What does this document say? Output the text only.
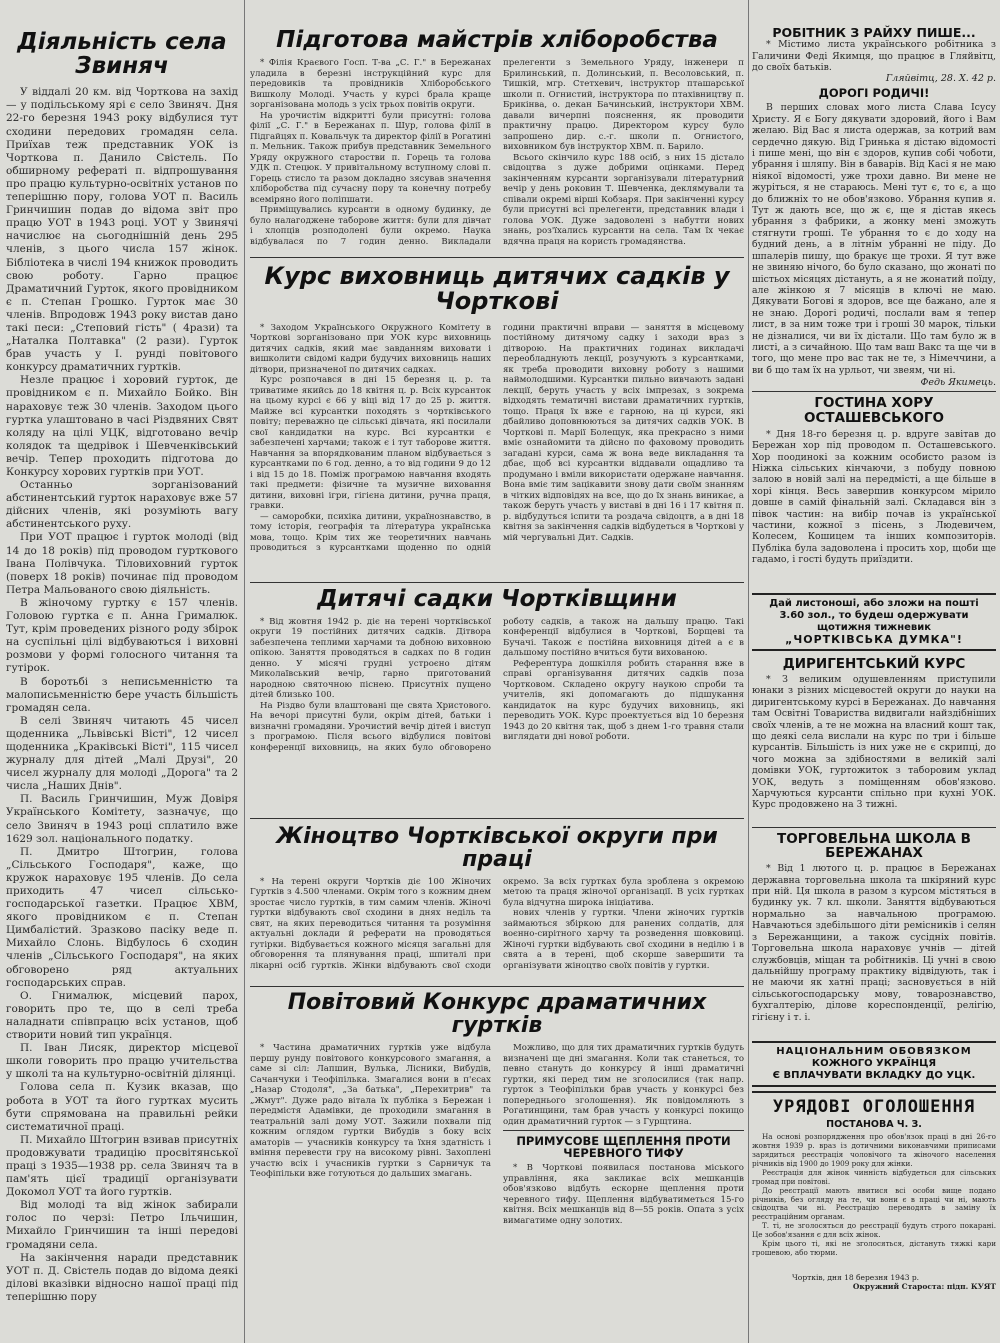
Діяльність села Звиняч

У віддалі 20 км. від Чорткова на захід — у подільському ярі є село Звиняч. Дня 22-го березня 1943 року відбулися тут сходини передових громадян села. Приїхав теж представник УОК із Чорткова п. Данило Свістель. По обширному рефераті п. відпрошування про працю культурно-освітніх установ по теперішню пору, голова УОТ п. Василь Гринчишин подав до відома звіт про працю УОТ в 1943 році. УОТ у Звинячі начислює на сьогоднішній день 295 членів, з цього числа 157 жінок. Бібліотека в числі 194 книжок проводить свою роботу. Гарно працює Драматичний Гурток, якого провідником є п. Степан Грошко. Гурток має 30 членів. Впродовж 1943 року вистав дано такі песи: „Степовий гість" ( 4рази) та „Наталка Полтавка" (2 рази). Гурток брав участь у І. рунді повітового конкурсу драматичних гуртків.

Незле працює і хоровий гурток, де провідником є п. Михайло Бойко. Він нараховує теж 30 членів. Заходом цього гуртка улаштовано в часі Різдвяних Свят коляду на цілі УЦК, відготовано вечір колядок та щедрівок і Шевченківський вечір. Тепер проходить підготова до Конкурсу хорових гуртків при УОТ.

Останньо зорганізований абстинентський гурток нараховує вже 57 дійсних членів, які розуміють вагу абстинентського руху.

При УОТ працює і гурток молоді (від 14 до 18 років) під проводом гурткового Івана Полівчука. Тіловиховний гурток (поверх 18 років) починає під проводом Петра Мальованого свою діяльність.

В жіночому гуртку є 157 членів. Головою гуртка є п. Анна Грималюк. Тут, крім проведених різного роду збірок на суспільні цілі відбуваються і виховні розмови у формі голосного читання та гутірок.

В боротьбі з неписьменністю та малописьменністю бере участь більшість громадян села.

В селі Звиняч читають 45 чисел щоденника „Львівські Вісті", 12 чисел щоденника „Краківські Вісті", 115 чисел журналу для дітей „Малі Друзі", 20 чисел журналу для молоді „Дорога" та 2 числа „Наших Днів".

П. Василь Гринчишин, Муж Довіря Українського Комітету, зазначує, що село Звиняч в 1943 році сплатило вже 1629 зол. національного податку.

П. Дмитро Штогрин, голова „Сільського Господаря", каже, що кружок нараховує 195 членів. До села приходить 47 чисел сільсько-господарської газетки. Працює ХВМ, якого провідником є п. Степан Цимбалістий. Зразково пасіку веде п. Михайло Слонь. Відбулось 6 сходин членів „Сільського Господаря", на яких обговорено ряд актуальних господарських справ.

О. Гнималюк, місцевий парох, говорить про те, що в селі треба наладнати співпрацю всіх установ, щоб створити новий тип українця.

П. Іван Лисяк, директор місцевої школи говорить про працю учительства у школі та на культурно-освітній ділянці.

Голова села п. Кузик вказав, що робота в УОТ та його гуртках мусить бути спрямована на правильні рейки систематичної праці.

П. Михайло Штогрин взивав присутніх продовжувати традицію просвітянської праці з 1935—1938 рр. села Звиняч та в пам'ять цієї традиції організувати Докомол УОТ та його гуртків.

Від молоді та від жінок забирали голос по черзі: Петро Ільчишин, Михайло Гринчишин та інші передові громадяни села.

На закінчення наради представник УОТ п. Д. Свістель подав до відома деякі ділові вказівки відносно нашої праці під теперішню пору

Підготова майстрів хліборобства

* Філія Краєвого Госп. Т-ва „С. Г." в Бережанах уладила в березні інструкційний курс для передовиків та провідників Хліборобського Вишколу Молоді. Участь у курсі брала краще зорганізована молодь з усіх трьох повітів округи.

На урочистім відкритті були присутні: голова філії „С. Г." в Бережанах п. Шур, голова філії в Підгайцях п. Ковальчук та директор філії в Рогатині п. Мельник. Також прибув представник Земельного Уряду окружного старостви п. Горець та голова УДК п. Стецюк. У привітальному вступному слові п. Горець стисло та разом докладно зясував значення хліборобства під сучасну пору та конечну потребу всеміряно його поліпшати.

Приміщувались курсанти в одному будинку, де було налагоджене таборове життя: були для дівчат і хлопців розподолені були окремо. Наука відбувалася по 7 годин денно. Викладали прелегенти з Земельного Уряду, інженери п Брилинський, п. Долинський, п. Весоловський, п. Тишкій, мгр. Стетхевич, інструктор пташарської школи п. Огнистий, інструктора по птахівництву п. Брикінва, о. декан Бачинський, інструктори ХВМ. давали вичерпні пояснення, як проводити практичну працю. Директором курсу було запрошено дир. с.-г. школи п. Огнистого, виховником був інструктор ХВМ. п. Барило.

Всього скінчило курс 188 осіб, з них 15 дістало свідоцтва з дуже добрими оцінками. Перед закінченням курсанти зорганізували літературний вечір у день роковин Т. Шевченка, деклямували та співали окремі вірші Кобзаря. При закінченні курсу були присутні всі прелегенти, представник влади і голова УОК. Дуже задоволені з набутти нових знань, роз'їхались курсанти на села. Там їх чекає вдячна праця на користь громадянства.

Курс виховниць дитячих садків у Чорткові

* Заходом Українського Окружного Комітету в Чорткові зорганізовано при УОК курс виховниць дитячих садків, який має завданням виховати і вишколити свідомі кадри будучих виховниць наших дітвори, призначеної по дитячих садках.

Курс розпочався в дні 15 березня ц. р. та триватиме якийсь до 18 квітня ц. р. Всіх курсанток на цьому курсі є 66 у віці від 17 до 25 р. життя. Майже всі курсантки походять з чортківського повіту; переважно це сільські дівчата, які посилали свої кандидатки на курс. Всі курсантки є забезпечені харчами; також є і тут таборове життя. Навчання за впорядкованим планом відбувається з курсантками по 6 год. денно, а то від години 9 до 12 і від 15 до 18. Поміж програмою навчання входять такі предмети: фізичне та музичне виховання дитини, виховні ігри, гігієна дитини, ручна праця, гравки.

— саморобки, психіка дитини, українознавство, в тому історія, географія та література українська мова, тощо. Крім тих же теоретичних навчань проводиться з курсантками щоденно по одній години практичні вправи — заняття в місцевому постійному дитячому садку і заходи враз з дітворою. На практичних годинах викладачі переобладнують лекції, розучують з курсантками, як треба проводити виховну роботу з нашими наймолодшими. Курсантки пильно вивчають задані лекції, беруть участь у всіх імпрезах, з зокрема відходять тематичні вистави драматичних гуртків, тощо. Праця їх вже є гарною, на ці курси, які дбайливо доповнюються за дитячих садків УОК. В Чорткові п. Марії Болещук, яка прекрасно з ними вміє ознайомити та дійсно по фаховому проводить загадані курси, сама ж вона веде викладання та дбає, щоб всі курсантки віддавали ощадливо та продумано і вміли використати одержане навчання. Вона вміє тим зацікавити знову дати своїм знанням в чітких відповідях на все, що до їх знань виникає, а також беруть участь у виставі в дні 16 і 17 квітня п. р. відбудуться іспити та роздача свідоцтв, а в дні 18 квітня за закінчення садків відбудеться в Чорткові у мій чергувальні Дит. Садків.

Дитячі садки Чортківщини

* Від жовтня 1942 р. діє на терені чортківської округи 19 постійних дитячих садків. Дітвора забезпечена теплими харчами та добною виховною опікою. Заняття проводяться в садках по 8 годин денно. У місячі грудні устроєно дітям Миколаївський вечір, гарно приготований народною святочною піснею. Присутніх пущено дітей близько 100.

На Різдво були влаштовані ще свята Христового. На вечорі присутні були, окрім дітей, батьки і визначні громадяни. Урочистий вечір дітей і виступ з програмою. Після всього відбулися повітові конференції виховниць, на яких було обговорено роботу садків, а також на дальшу працю. Такі конференції відбулися в Чорткові, Борщеві та Бучачі. Також є постійна виховниця дітей а є в дальшому постійно вчиться бути вихованою.

Референтура дошкілля робить старання вже в справі організування дитячих садків поза Чортковом. Складено округу наукою спроби та учителів, які допомагають до підшукання кандидаток на курс будучих виховниць, які переводить УОК. Курс проектується від 10 березня 1943 до 20 квітня так, щоб з днем 1-го травня стали виглядати дні нової роботи.

Жіноцтво Чортківської округи при праці

* На терені округи Чортків діє 100 Жіночих Гуртків з 4.500 членами. Окрім того з кожним днем зростає число гуртків, в тим самим членів. Жіночі гуртки відбувають свої сходини в днях неділь та свят, на яких переводиться читання та розуміння актуальні доклади й реферати на проводяться гутірки. Відбувається кожного місяця загальні для обговорення та плянування праці, шпиталі при лікарні осіб гуртків. Жінки відбувають свої сходи окремо. За всіх гуртках була зроблена з окремою метою та праця жіночої організації. В усіх гуртках була відчутна широка ініціатива.

нових членів у гуртки. Члени жіночих гуртків займаються збіркою для ранених солдатів, для воєнно-сирітного харчу та розведення шовковиці. Жіночі гуртки відбувають свої сходини в неділю і в свята а в терені, щоб скорше завершити та організувати жіноцтво своїх повітів у гуртки.

Повітовий Конкурс драматичних гуртків

* Частина драматичних гуртків уже відбула першу рунду повітового конкурсового змагання, а саме зі сіл: Лапшин, Вулька, Лісники, Вибудів, Сачанчуки і Теофіпілька. Змагалися вони в п'єсах „Назар Стодоля", „За батька", „Перехитрив" та „Жмут". Дуже радо вітала їх публіка з Бережан і передмістя Адамівки, де проходили змагання в театральній залі дому УОТ. Зажили похвали під кожним оглядом гуртки Вибудів з боку всіх аматорів — учасників конкурсу та їхня здатність і вміння перевести гру на високому рівні. Захоплені участю всіх і учасників гуртки з Сарничук та Теофіпільки вже готуються до дальших змагань.

Можливо, що для тих драматичних гуртків будуть визначені ще дні змагання. Коли так станеться, то певно стануть до конкурсу й інші драматичні гуртки, які перед тим не зголосилися (так напр. гурток з Теофіпільки брав участь у конкурсі без попереднього зголошення). Як повідомляють з Рогатинщини, там брав участь у конкурсі покищо один драматичний гурток — з Гурщтина.

ПРИМУСОВЕ ЩЕПЛЕННЯ ПРОТИ ЧЕРЕВНОГО ТИФУ

* В Чорткові появилася постанова міського управління, яка закликає всіх мешканців обов'язково відбуть ескорне щеплення проти черевного тифу. Щеплення відбуватиметься 15-го квітня. Всіх мешканців від 8—55 років. Опата з усіх вимагатиме одну золотих.

РОБІТНИК З РАЙХУ ПИШЕ...

* Містимо листа українського робітника з Галичини Феді Якимця, що працює в Гляйвітц, до своїх батьків.

Гляйвітц, 28. X. 42 р.

ДОРОГІ РОДИЧІ!

В перших словах мого листа Слава Ісусу Христу. Я є Богу дякувати здоровий, його і Вам желаю. Від Вас я листа одержав, за котрий вам сердечно дякую. Від Гринька я дістаю відомості і пише мені, що він є здоров, купив собі чоботи, убрання і шляпу. Він в баварів. Від Касі я не маю ніякої відомості, уже трохи давно. Ви мене не журіться, я не стараюсь. Мені тут є, то є, а що до ближніх то не обов'язково. Убрання купив я. Тут ж дають все, що ж є, ще я дістав якесь убрання з фабрики, а жонку мені зможуть стягнути гроші. Те убрання то є до ходу на будний день, а в літнім убранні не піду. До шпалерів пишу, що бракує ще трохи. Я тут вже не звиняю нічого, бо було сказано, що жонаті по шістьох місяцях дістануть, а я не жонатий поїду, але жінкою я 7 місяців в ключі не маю. Дякувати Богові я здоров, все ще бажано, але я не знаю. Дорогі родичі, послали вам я тепер лист, в за ним тоже три і гроші 30 марок, тільки не дізналися, чи ви їх дістали. Що там було ж в листі, а з сичайною. Що там ваш Вакс та ще чи в того, що мене про вас так не те, з Німеччини, а ви б що там їх на урльот, чи звеям, чи ні.

Федь Якимець.

ГОСТИНА ХОРУ ОСТАШЕВСЬКОГО

* Дня 18-го березня ц. р. вдруге завітав до Бережан хор під проводом п. Осташевського. Хор поодинокі за кожним особисто разом із Ніжка сільських кінчаючи, з побуду повною залою в новій залі на передмісті, а ще більше в хорі кінця. Весь завершив конкурсом мірило довше в самій фінальній залі. Складався він з півок частин: на вибір почав із української частини, кожної з пісень, з Людевичем, Колесем, Кошицем та інших композиторів. Публіка була задоволена і просить хор, щоби ще гадамо, і гості будуть приїздити.

Дай листоноші, або зложи на пошті
3.60 зол., то будеш одержувати щотижня тижневик
„ЧОРТКІВСЬКА ДУМКА"!
ДИРИГЕНТСЬКИЙ КУРС

* З великим одушевленням приступили юнаки з різних місцевостей округи до науки на диригентському курсі в Бережанах. До навчання там Освітні Товариства видвигали найздібніших своїх членів, а те не можна на власний кошт так, що деякі села вислали на курс по три і більше курсантів. Більшість із них уже не є скрипці, до чого можна за здібностями в великій залі домівки УОК, гуртожиток з таборовим уклад УОК, ведуть з поміщенням обов'язково. Харчуються курсанти спільно при кухні УОК. Курс продовжено на 3 тижні.

ТОРГОВЕЛЬНА ШКОЛА В БЕРЕЖАНАХ

* Від 1 лютого ц. р. працює в Бережанах державна торговельна школа та шкіряний курс при ній. Ця школа в разом з курсом містяться в будинку ук. 7 кл. школи. Заняття відбуваються нормально за навчальною програмою. Навчаються здебільшого діти ремісників і селян з Бережанщини, а також сусідніх повітів. Торговельна школа нараховує учнів — дітей службовців, міщан та робітників. Ці учні в свою дальнійшу програму практику відвідують, так і не маючи як хатні праці; засновується в ній сільськогосподарську мову, товарознавство, бухгалтерію, ділове кореспонденції, релігію, гігієну і т. і.

НАЦІОНАЛЬНИМ ОБОВЯЗКОМ
КОЖНОГО УКРАЇНЦЯ
Є ВПЛАЧУВАТИ ВКЛАДКУ ДО УЦК.
УРЯДОВІ ОГОЛОШЕННЯ
ПОСТАНОВА Ч. З.

На основі розпорядження про обов'язок праці в дні 26-го жовтня 1939 р. враз із дотичними виконавчими приписами зарядиться реєстрація чоловічого та жіночого населення річників від 1900 до 1909 року для жінки.

Реєстрація для жінок чинність відбудеться для сільських громад при повітові.

До реєстрації мають явитися всі особи вище подано річників, без огляду на те, чи вони є в праці чи ні, мають свідоцтва чи ні. Реєстрацію переводять в заміну їх реєстраційним органам.

Т. ті, не зголосяться до реєстрації будуть строго покарані. Це зобов'язання є для всіх жінок.

Крім цього ті, які не зголосяться, дістануть тяжкі кари грошевою, або тюрми.

Чортків, дня 18 березня 1943 р.

Окружний Староста: підп. КУЯТ
